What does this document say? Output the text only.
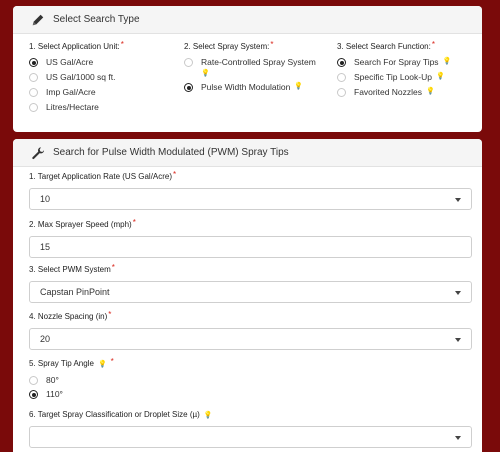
Select Search Type
1. Select Application Unit:*
US Gal/Acre
US Gal/1000 sq ft.
Imp Gal/Acre
Litres/Hectare
2. Select Spray System:*
Rate-Controlled Spray System
💡
Pulse Width Modulation 💡
3. Select Search Function:*
Search For Spray Tips 💡
Specific Tip Look-Up 💡
Favorited Nozzles 💡
Search for Pulse Width Modulated (PWM) Spray Tips
1. Target Application Rate (US Gal/Acre)*
10
2. Max Sprayer Speed (mph)*
15
3. Select PWM System*
Capstan PinPoint
4. Nozzle Spacing (in)*
20
5. Spray Tip Angle 💡 *
80°
110°
6. Target Spray Classification or Droplet Size (µ) 💡
